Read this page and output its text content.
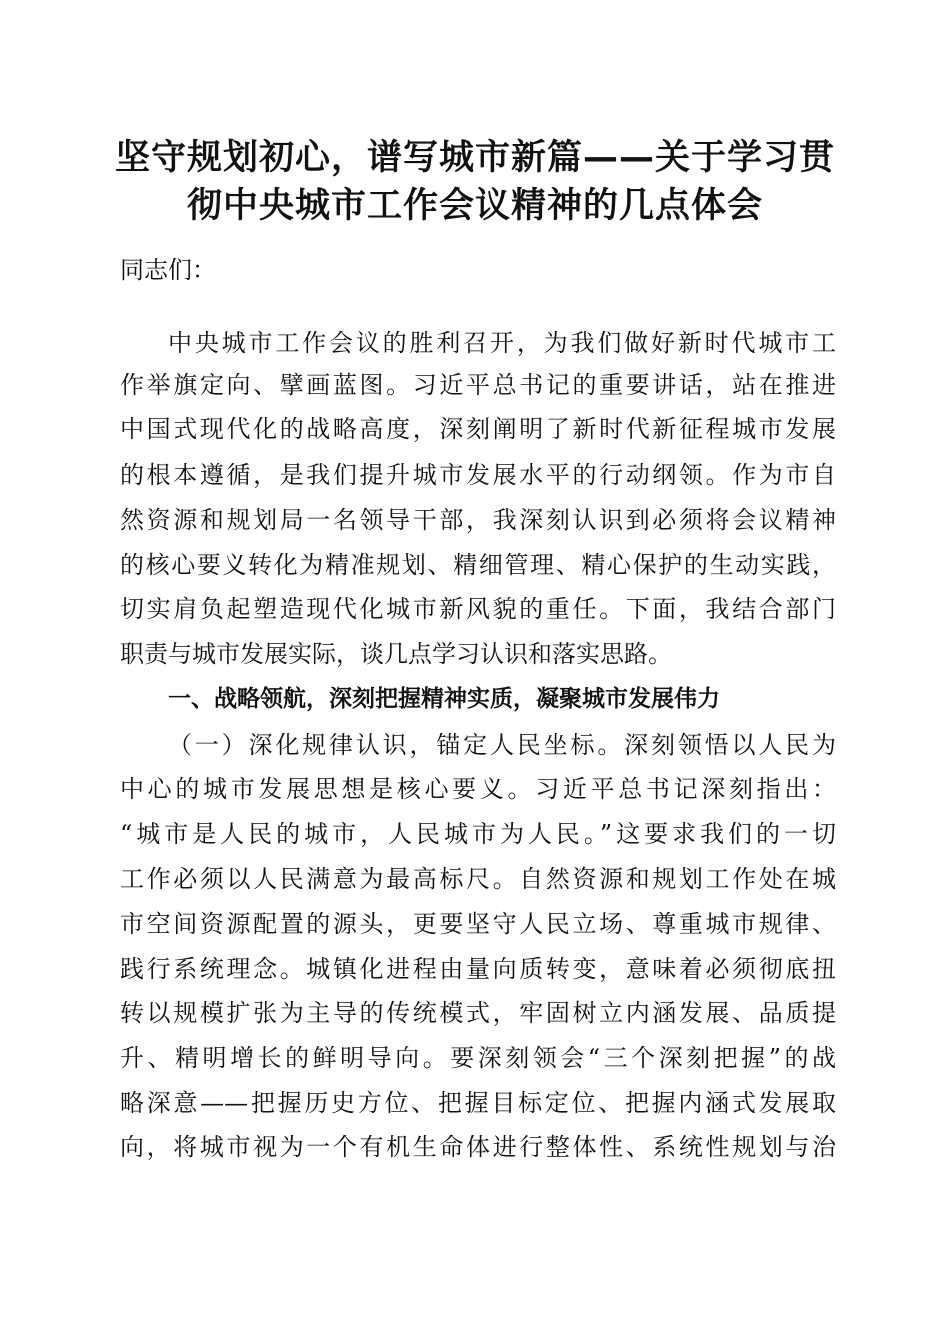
坚守规划初心，谱写城市新篇——关于学习贯
彻中央城市工作会议精神的几点体会
同志们：
中央城市工作会议的胜利召开，为我们做好新时代城市工
作举旗定向、擘画蓝图。习近平总书记的重要讲话，站在推进
中国式现代化的战略高度，深刻阐明了新时代新征程城市发展
的根本遵循，是我们提升城市发展水平的行动纲领。作为市自
然资源和规划局一名领导干部，我深刻认识到必须将会议精神
的核心要义转化为精准规划、精细管理、精心保护的生动实践，
切实肩负起塑造现代化城市新风貌的重任。下面，我结合部门
职责与城市发展实际，谈几点学习认识和落实思路。
一、战略领航，深刻把握精神实质，凝聚城市发展伟力
（一）深化规律认识，锚定人民坐标。深刻领悟以人民为
中心的城市发展思想是核心要义。习近平总书记深刻指出：
“城市是人民的城市，人民城市为人民。”这要求我们的一切
工作必须以人民满意为最高标尺。自然资源和规划工作处在城
市空间资源配置的源头，更要坚守人民立场、尊重城市规律、
践行系统理念。城镇化进程由量向质转变，意味着必须彻底扭
转以规模扩张为主导的传统模式，牢固树立内涵发展、品质提
升、精明增长的鲜明导向。要深刻领会“三个深刻把握”的战
略深意——把握历史方位、把握目标定位、把握内涵式发展取
向，将城市视为一个有机生命体进行整体性、系统性规划与治
